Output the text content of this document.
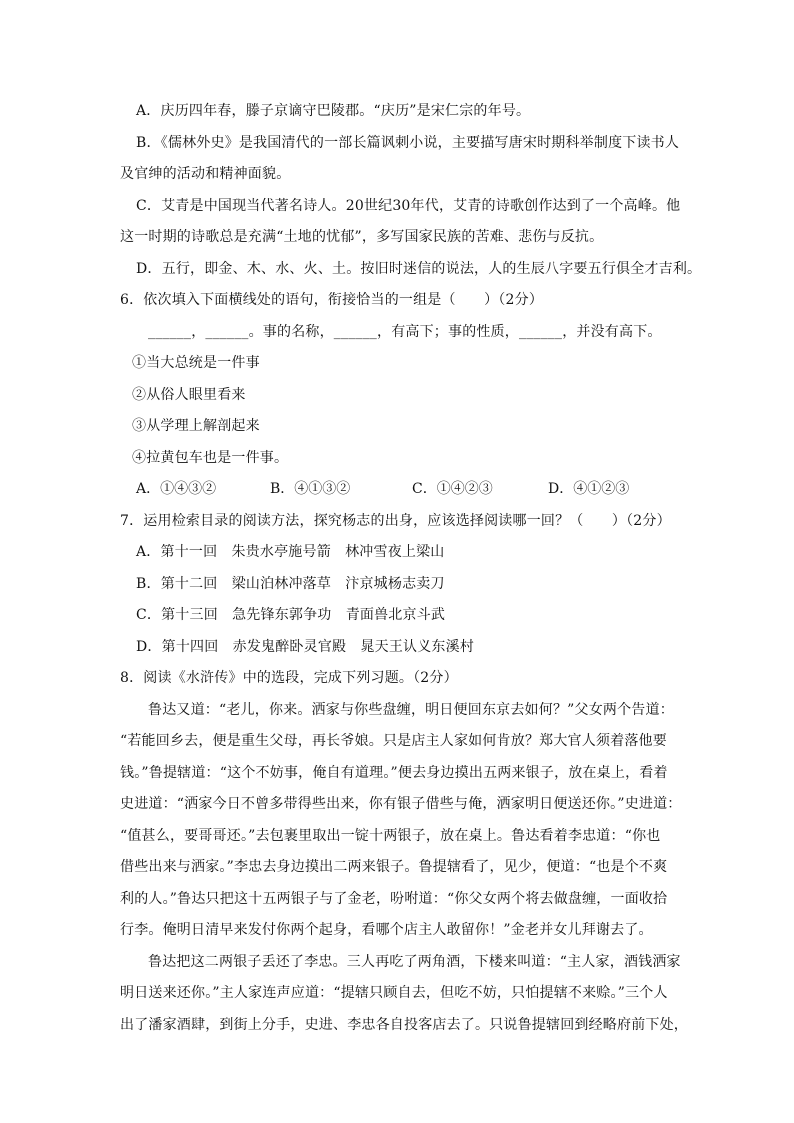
A．庆历四年春，滕子京谪守巴陵郡。“庆历”是宋仁宗的年号。
B．《儒林外史》是我国清代的一部长篇讽刺小说，主要描写唐宋时期科举制度下读书人
及官绅的活动和精神面貌。
C．艾青是中国现当代著名诗人。20世纪30年代，艾青的诗歌创作达到了一个高峰。他
这一时期的诗歌总是充满“土地的忧郁”，多写国家民族的苦难、悲伤与反抗。
D．五行，即金、木、水、火、土。按旧时迷信的说法，人的生辰八字要五行俱全才吉利。
6．依次填入下面横线处的语句，衔接恰当的一组是（　　）（2分）
______，______。事的名称，______，有高下；事的性质，______，并没有高下。
①当大总统是一件事
②从俗人眼里看来
③从学理上解剖起来
④拉黄包车也是一件事。
A．①④③②	B．④①③②	C．①④②③	D．④①②③
7．运用检索目录的阅读方法，探究杨志的出身，应该选择阅读哪一回？（　　）（2分）
A．第十一回　朱贵水亭施号箭　林冲雪夜上梁山
B．第十二回　梁山泊林冲落草　汴京城杨志卖刀
C．第十三回　急先锋东郭争功　青面兽北京斗武
D．第十四回　赤发鬼醉卧灵官殿　晁天王认义东溪村
8．阅读《水浒传》中的选段，完成下列习题。（2分）
鲁达又道：“老儿，你来。洒家与你些盘缠，明日便回东京去如何？”父女两个告道：
“若能回乡去，便是重生父母，再长爷娘。只是店主人家如何肯放？郑大官人须着落他要
钱。”鲁提辖道：“这个不妨事，俺自有道理。”便去身边摸出五两来银子，放在桌上，看着
史进道：“洒家今日不曾多带得些出来，你有银子借些与俺，洒家明日便送还你。”史进道：
“值甚么，要哥哥还。”去包裹里取出一锭十两银子，放在桌上。鲁达看着李忠道：“你也
借些出来与洒家。”李忠去身边摸出二两来银子。鲁提辖看了，见少，便道：“也是个不爽
利的人。”鲁达只把这十五两银子与了金老，吩咐道：“你父女两个将去做盘缠，一面收拾
行李。俺明日清早来发付你两个起身，看哪个店主人敢留你！”金老并女儿拜谢去了。
鲁达把这二两银子丢还了李忠。三人再吃了两角酒，下楼来叫道：“主人家，酒钱洒家
明日送来还你。”主人家连声应道：“提辖只顾自去，但吃不妨，只怕提辖不来赊。”三个人
出了潘家酒肆，到街上分手，史进、李忠各自投客店去了。只说鲁提辖回到经略府前下处，
